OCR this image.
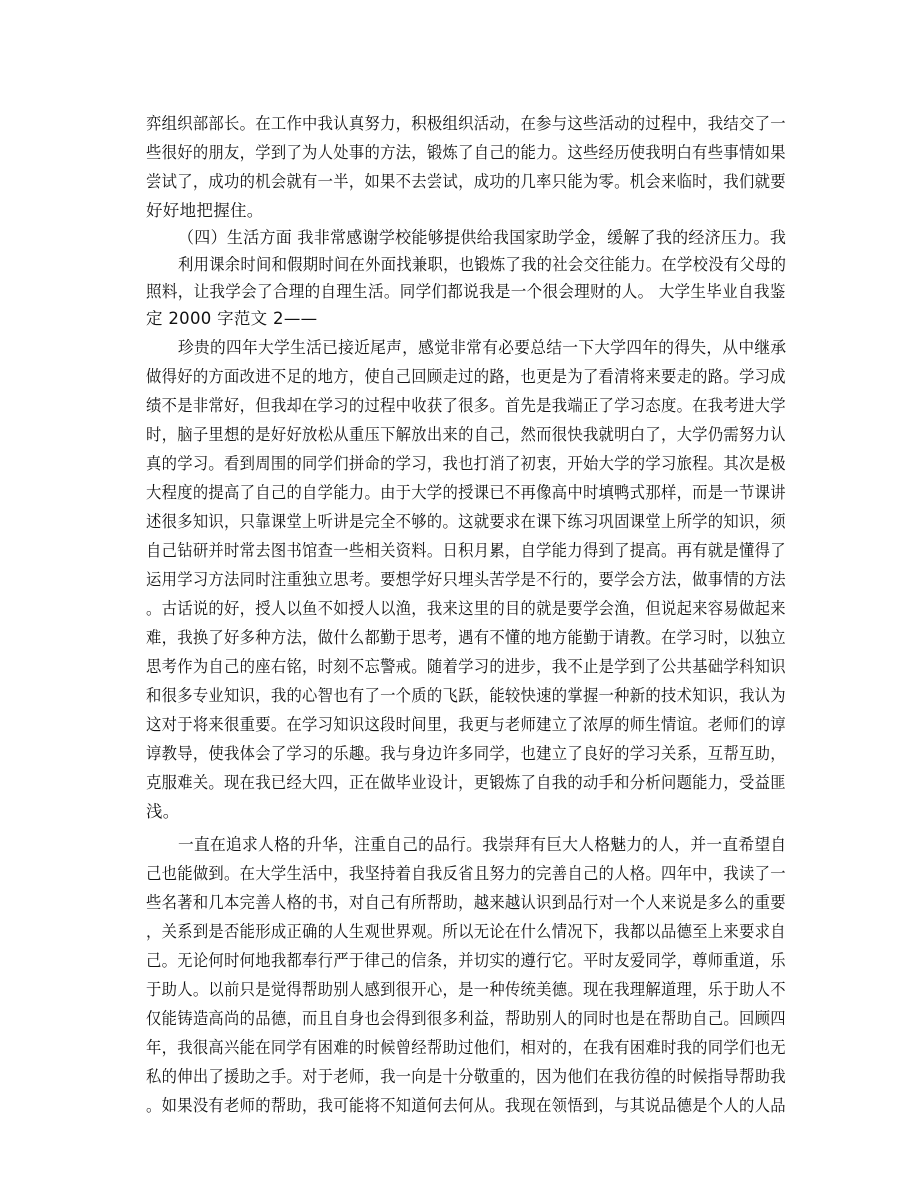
弈组织部部长。在工作中我认真努力，积极组织活动，在参与这些活动的过程中，我结交了一
些很好的朋友，学到了为人处事的方法，锻炼了自己的能力。这些经历使我明白有些事情如果
尝试了，成功的机会就有一半，如果不去尝试，成功的几率只能为零。机会来临时，我们就要
好好地把握住。
（四）生活方面 我非常感谢学校能够提供给我国家助学金，缓解了我的经济压力。我
利用课余时间和假期时间在外面找兼职，也锻炼了我的社会交往能力。在学校没有父母的
照料，让我学会了合理的自理生活。同学们都说我是一个很会理财的人。 大学生毕业自我鉴
定 2000 字范文 2——
珍贵的四年大学生活已接近尾声，感觉非常有必要总结一下大学四年的得失，从中继承
做得好的方面改进不足的地方，使自己回顾走过的路，也更是为了看清将来要走的路。学习成
绩不是非常好，但我却在学习的过程中收获了很多。首先是我端正了学习态度。在我考进大学
时，脑子里想的是好好放松从重压下解放出来的自己，然而很快我就明白了，大学仍需努力认
真的学习。看到周围的同学们拼命的学习，我也打消了初衷，开始大学的学习旅程。其次是极
大程度的提高了自己的自学能力。由于大学的授课已不再像高中时填鸭式那样，而是一节课讲
述很多知识，只靠课堂上听讲是完全不够的。这就要求在课下练习巩固课堂上所学的知识，须
自己钻研并时常去图书馆查一些相关资料。日积月累，自学能力得到了提高。再有就是懂得了
运用学习方法同时注重独立思考。要想学好只埋头苦学是不行的，要学会方法，做事情的方法
。古话说的好，授人以鱼不如授人以渔，我来这里的目的就是要学会渔，但说起来容易做起来
难，我换了好多种方法，做什么都勤于思考，遇有不懂的地方能勤于请教。在学习时，以独立
思考作为自己的座右铭，时刻不忘警戒。随着学习的进步，我不止是学到了公共基础学科知识
和很多专业知识，我的心智也有了一个质的飞跃，能较快速的掌握一种新的技术知识，我认为
这对于将来很重要。在学习知识这段时间里，我更与老师建立了浓厚的师生情谊。老师们的谆
谆教导，使我体会了学习的乐趣。我与身边许多同学，也建立了良好的学习关系，互帮互助，
克服难关。现在我已经大四，正在做毕业设计，更锻炼了自我的动手和分析问题能力，受益匪
浅。
一直在追求人格的升华，注重自己的品行。我崇拜有巨大人格魅力的人，并一直希望自
己也能做到。在大学生活中，我坚持着自我反省且努力的完善自己的人格。四年中，我读了一
些名著和几本完善人格的书，对自己有所帮助，越来越认识到品行对一个人来说是多么的重要
，关系到是否能形成正确的人生观世界观。所以无论在什么情况下，我都以品德至上来要求自
己。无论何时何地我都奉行严于律己的信条，并切实的遵行它。平时友爱同学，尊师重道，乐
于助人。以前只是觉得帮助别人感到很开心，是一种传统美德。现在我理解道理，乐于助人不
仅能铸造高尚的品德，而且自身也会得到很多利益，帮助别人的同时也是在帮助自己。回顾四
年，我很高兴能在同学有困难的时候曾经帮助过他们，相对的，在我有困难时我的同学们也无
私的伸出了援助之手。对于老师，我一向是十分敬重的，因为他们在我彷徨的时候指导帮助我
。如果没有老师的帮助，我可能将不知道何去何从。我现在领悟到，与其说品德是个人的人品
